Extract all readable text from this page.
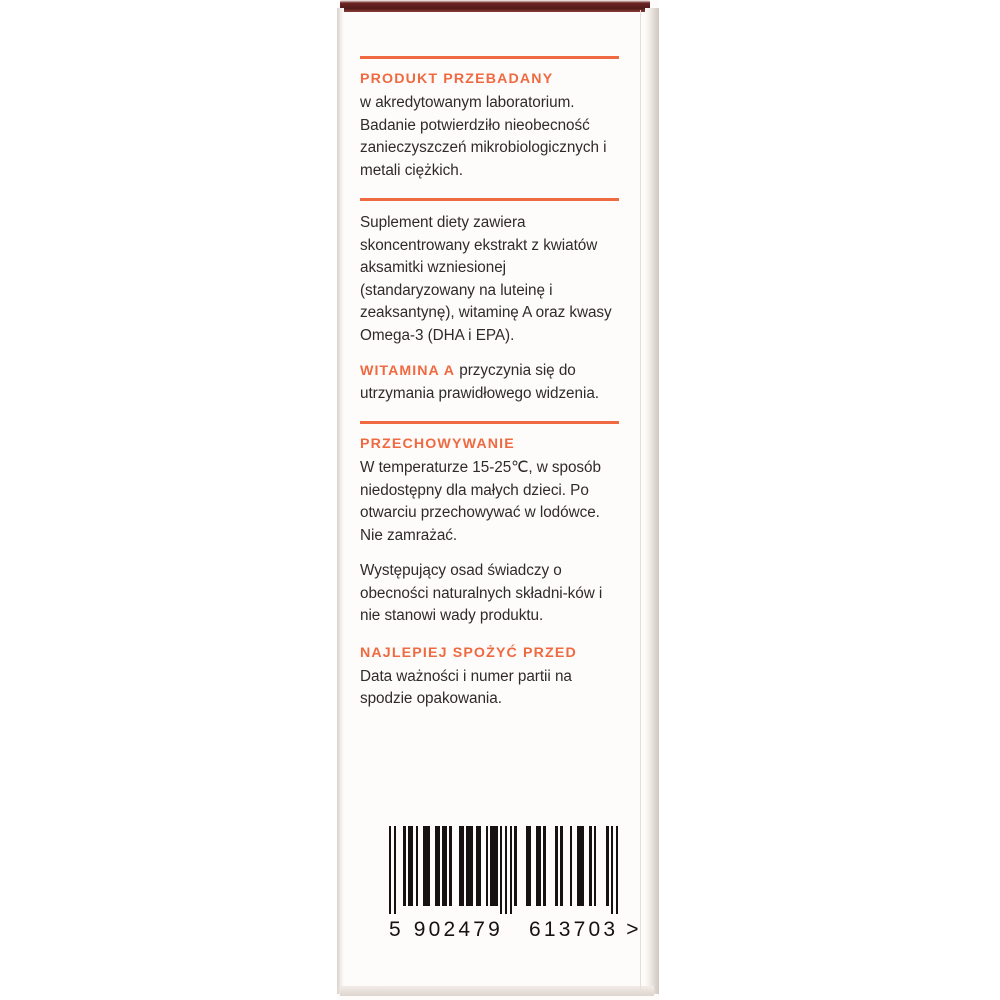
PRODUKT PRZEBADANY

w akredytowanym laboratorium. Badanie potwierdziło nieobecność zanieczyszczeń mikrobiologicznych i metali ciężkich.

Suplement diety zawiera skoncentrowany ekstrakt z kwiatów aksamitki wzniesionej (standaryzowany na luteinę i zeaksantynę), witaminę A oraz kwasy Omega-3 (DHA i EPA).

WITAMINA A przyczynia się do utrzymania prawidłowego widzenia.

PRZECHOWYWANIE

W temperaturze 15-25℃, w sposób niedostępny dla małych dzieci. Po otwarciu przechowywać w lodówce. Nie zamrażać.

Występujący osad świadczy o obecności naturalnych składni-ków i nie stanowi wady produktu.

NAJLEPIEJ SPOŻYĆ PRZED

Data ważności i numer partii na spodzie opakowania.

5 902479 613703 >
